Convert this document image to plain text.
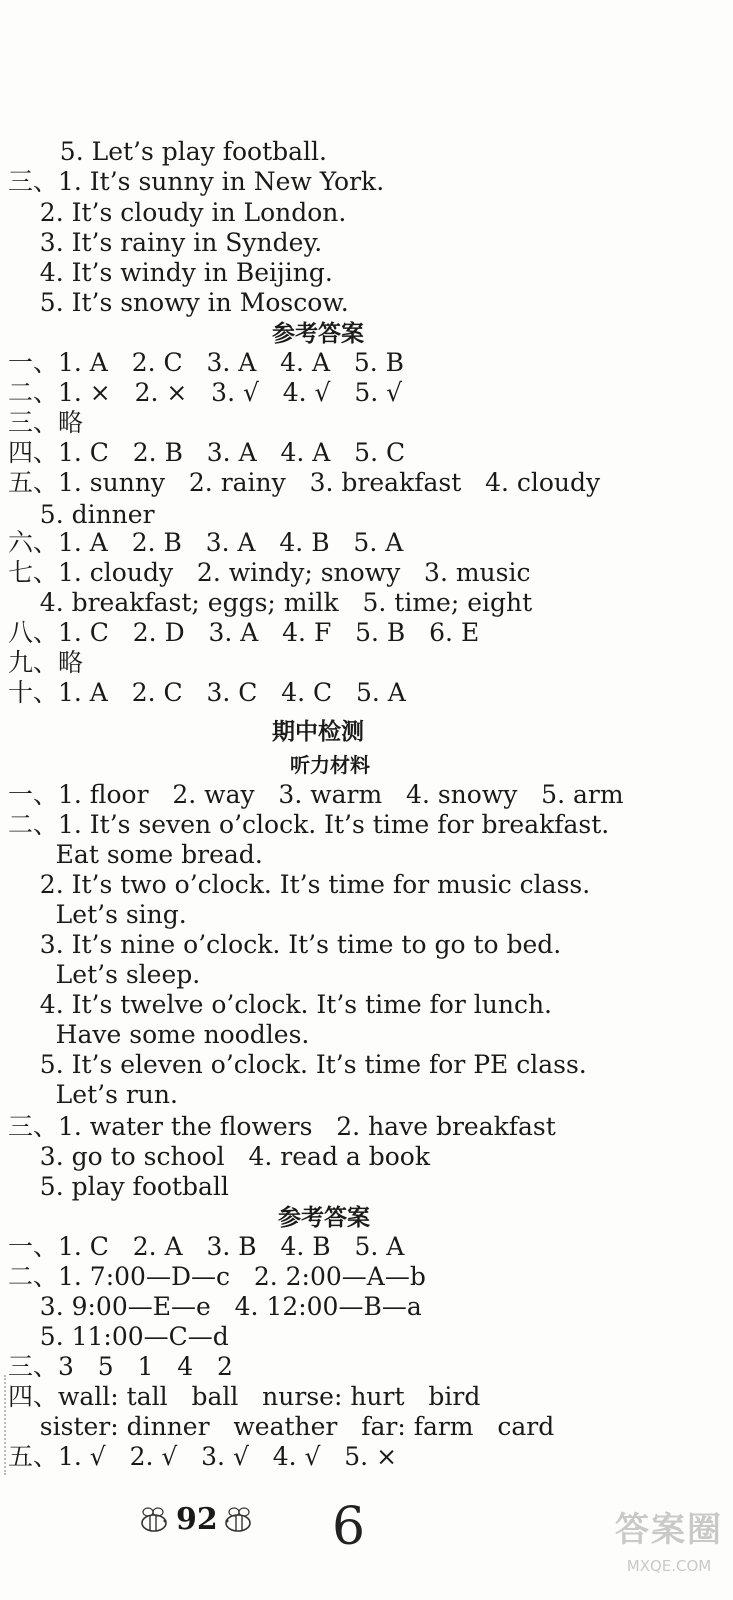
5. Let’s play football.
三、1. It’s sunny in New York.
2. It’s cloudy in London.
3. It’s rainy in Syndey.
4. It’s windy in Beijing.
5. It’s snowy in Moscow.
参考答案
一、1. A   2. C   3. A   4. A   5. B
二、1. ×   2. ×   3. √   4. √   5. √
三、略
四、1. C   2. B   3. A   4. A   5. C
五、1. sunny   2. rainy   3. breakfast   4. cloudy
5. dinner
六、1. A   2. B   3. A   4. B   5. A
七、1. cloudy   2. windy; snowy   3. music
4. breakfast; eggs; milk   5. time; eight
八、1. C   2. D   3. A   4. F   5. B   6. E
九、略
十、1. A   2. C   3. C   4. C   5. A
期中检测
听力材料
一、1. floor   2. way   3. warm   4. snowy   5. arm
二、1. It’s seven o’clock. It’s time for breakfast.
Eat some bread.
2. It’s two o’clock. It’s time for music class.
Let’s sing.
3. It’s nine o’clock. It’s time to go to bed.
Let’s sleep.
4. It’s twelve o’clock. It’s time for lunch.
Have some noodles.
5. It’s eleven o’clock. It’s time for PE class.
Let’s run.
三、1. water the flowers   2. have breakfast
3. go to school   4. read a book
5. play football
参考答案
一、1. C   2. A   3. B   4. B   5. A
二、1. 7:00—D—c   2. 2:00—A—b
3. 9:00—E—e   4. 12:00—B—a
5. 11:00—C—d
三、3   5   1   4   2
四、wall: tall   ball   nurse: hurt   bird
sister: dinner   weather   far: farm   card
五、1. √   2. √   3. √   4. √   5. ×
92 6	答案圈
MXQE.COM
